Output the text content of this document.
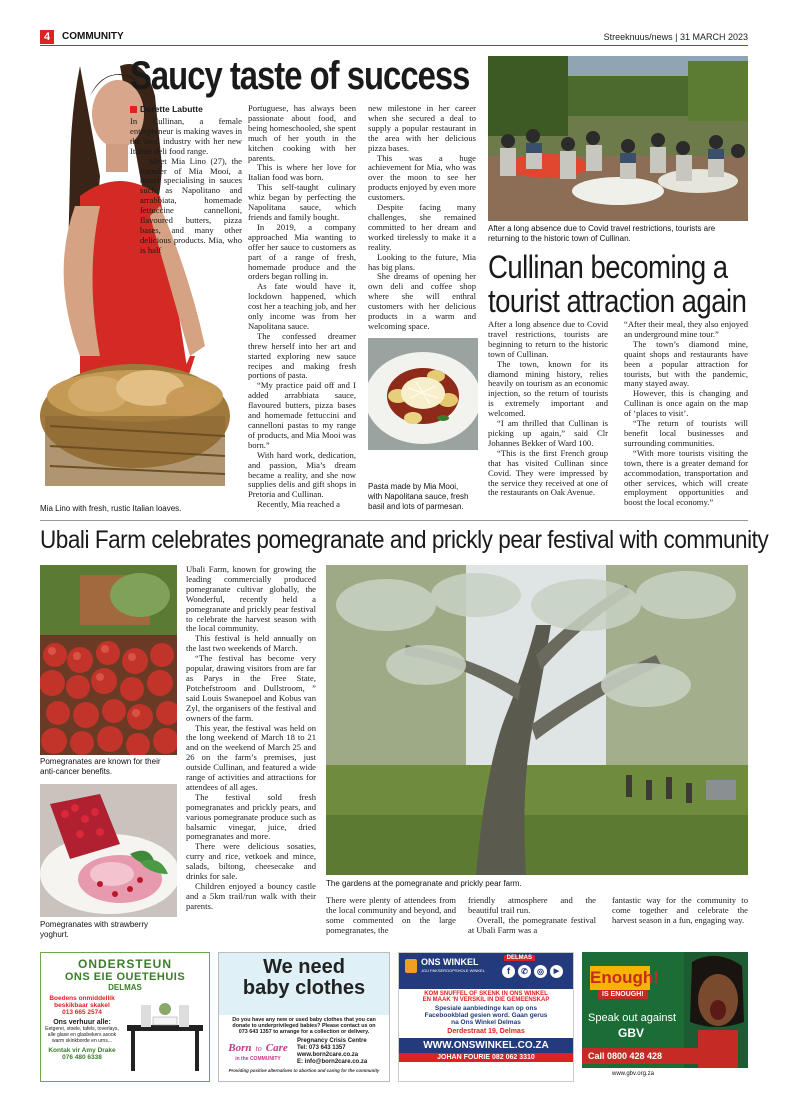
4	COMMUNITY	Streeknuus/news | 31 MARCH 2023
Mia Lino with fresh, rustic Italian loaves.
Saucy taste of success
Dorette Labutte

In Cullinan, a female entrepreneur is making waves in the food industry with her new Italian deli food range.

Meet Mia Lino (27), the founder of Mia Mooi, a brand specialising in sauces such as Napolitano and arrabbiata, homemade fettuccine cannelloni, flavoured butters, pizza bases, and many other delicious products. Mia, who is half

Portuguese, has always been passionate about food, and being homeschooled, she spent much of her youth in the kitchen cooking with her parents.

This is where her love for Italian food was born.

This self-taught culinary whiz began by perfecting the Napolitana sauce, which friends and family bought.

In 2019, a company approached Mia wanting to offer her sauce to customers as part of a range of fresh, homemade produce and the orders began rolling in.

As fate would have it, lockdown happened, which cost her a teaching job, and her only income was from her Napolitana sauce.

The confessed dreamer threw herself into her art and started exploring new sauce recipes and making fresh portions of pasta.

“My practice paid off and I added arrabbiata sauce, flavoured butters, pizza bases and homemade fettuccini and cannelloni pastas to my range of products, and Mia Mooi was born.”

With hard work, dedication, and passion, Mia’s dream became a reality, and she now supplies delis and gift shops in Pretoria and Cullinan.

Recently, Mia reached a

new milestone in her career when she secured a deal to supply a popular restaurant in the area with her delicious pizza bases.

This was a huge achievement for Mia, who was over the moon to see her products enjoyed by even more customers.

Despite facing many challenges, she remained committed to her dream and worked tirelessly to make it a reality.

Looking to the future, Mia has big plans.

She dreams of opening her own deli and coffee shop where she will enthral customers with her delicious products in a warm and welcoming space.

Pasta made by Mia Mooi,
with Napolitana sauce, fresh
basil and lots of parmesan.
After a long absence due to Covid travel restrictions, tourists are
returning to the historic town of Cullinan.
Cullinan becoming a
tourist attraction again

After a long absence due to Covid travel restrictions, tourists are beginning to return to the historic town of Cullinan.

The town, known for its diamond mining history, relies heavily on tourism as an economic injection, so the return of tourists is extremely important and welcomed.

“I am thrilled that Cullinan is picking up again,” said Clr Johannes Bekker of Ward 100.

“This is the first French group that has visited Cullinan since Covid. They were impressed by the service they received at one of the restaurants on Oak Avenue.

“After their meal, they also enjoyed an underground mine tour.”

The town’s diamond mine, quaint shops and restaurants have been a popular attraction for tourists, but with the pandemic, many stayed away.

However, this is changing and Cullinan is once again on the map of ‘places to visit’.

“The return of tourists will benefit local businesses and surrounding communities.

“With more tourists visiting the town, there is a greater demand for accommodation, transportation and other services, which will create employment opportunities and boost the local economy.”

Ubali Farm celebrates pomegranate and prickly pear festival with community
Pomegranates are known for their
anti-cancer benefits.
Pomegranates with strawberry
yoghurt.

Ubali Farm, known for growing the leading commercially produced pomegranate cultivar globally, the Wonderful, recently held a pomegranate and prickly pear festival to celebrate the harvest season with the local community.

This festival is held annually on the last two weekends of March.

“The festival has become very popular, drawing visitors from are far as Parys in the Free State, Potchefstroom and Dullstroom, ” said Louis Swanepoel and Kobus van Zyl, the organisers of the festival and owners of the farm.

This year, the festival was held on the long weekend of March 18 to 21 and on the weekend of March 25 and 26 on the farm’s premises, just outside Cullinan, and featured a wide range of activities and attractions for attendees of all ages.

The festival sold fresh pomegranates and prickly pears, and various pomegranate produce such as balsamic vinegar, juice, dried pomegranates and more.

There were delicious sosaties, curry and rice, vetkoek and mince, salads, biltong, cheesecake and drinks for sale.

Children enjoyed a bouncy castle and a 5km trail/run walk with their parents.

The gardens at the pomegranate and prickly pear farm.

There were plenty of attendees from the local community and beyond, and some commented on the large pomegranates, the

friendly atmosphere and the beautiful trail run.

Overall, the pomegranate festival at Ubali Farm was a

fantastic way for the community to come together and celebrate the harvest season in a fun, engaging way.

ONDERSTEUN
ONS EIE OUETEHUIS
DELMAS
Boedens onmiddellik
beskikbaar skakel
013 665 2574
Ons verhuur alle:
Eetgerei, stoele, tafels, toverlays,
alle glase en glasbekers asook
warm skinkborde en urns...
Kontak vir Amy Drake
076 480 6338
We need
baby clothes
Do you have any new or used baby clothes that you can
donate to underprivileged babies? Please contact us on
073 643 1357 to arrange for a collection or delivery.
Born to Care
in the COMMUNITY
Pregnancy Crisis Centre
Tel: 073 643 1357
www.born2care.co.za
E: info@born2care.co.za
Providing positive alternatives to abortion and caring for the community
ONS WINKEL
JOU PAKSEROOPSHOLE WINKEL
DELMAS
f	✆	◎	▶
KOM SNUFFEL OF SKENK IN ONS WINKEL
EN MAAK 'N VERSKIL IN DIE GEMEENSKAP
Spesiale aanbiedinge kan op ons
Facebookblad gesien word. Gaan gerus
na Ons Winkel Delmas
Derdestraat 19, Delmas
WWW.ONSWINKEL.CO.ZA
JOHAN FOURIE 082 062 3310
Enough!
IS ENOUGH!
Speak out against
GBV
Call 0800 428 428
www.gbv.org.za
